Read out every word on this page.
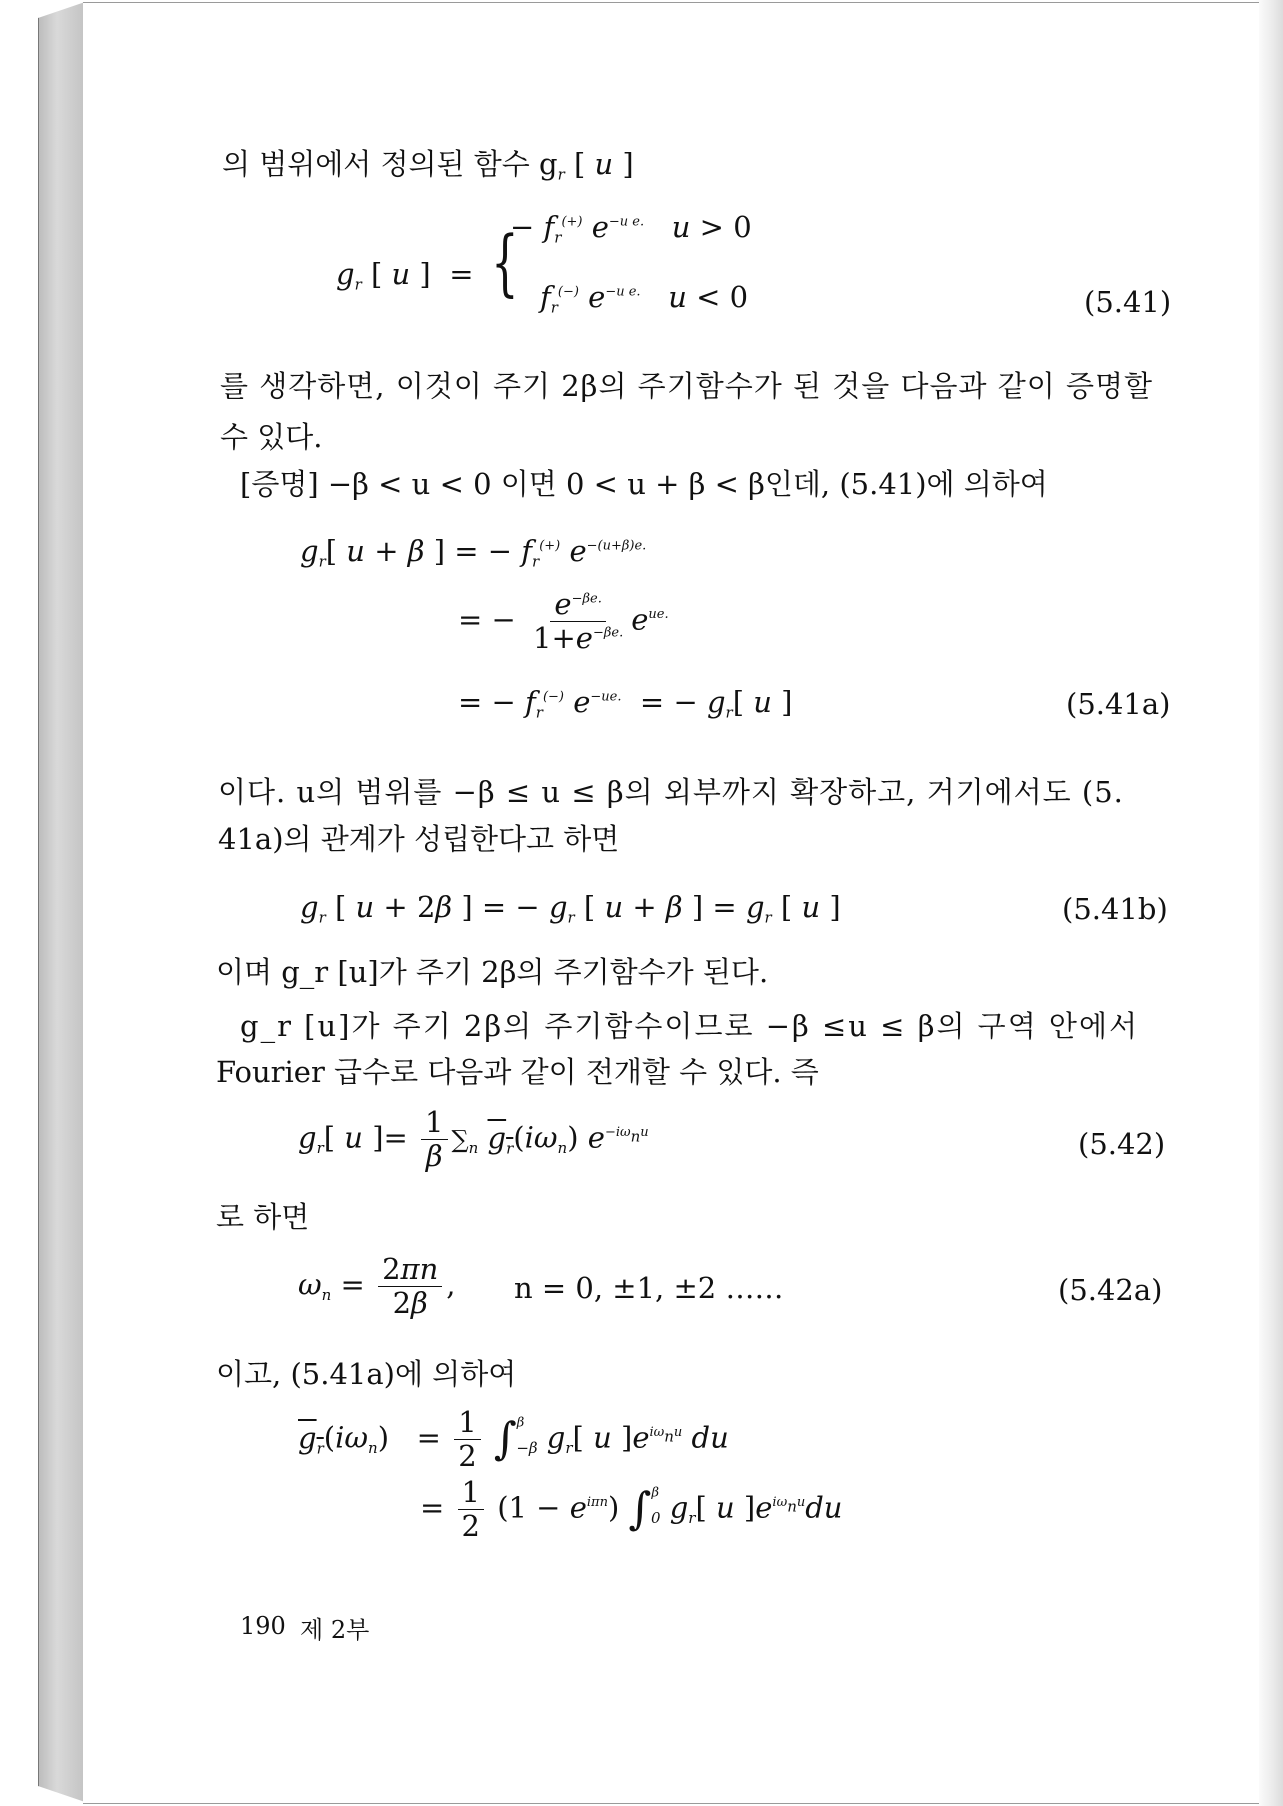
의 범위에서 정의된 함수 $g_r$ [ u ]
$g_r$ [ u ] = {
− $f_r^{(+)}$ $e^{-u e.}$   u > 0
$f_r^{(-)}$ $e^{-u e.}$   u < 0	(5.41)
를 생각하면, 이것이 주기 2β의 주기함수가 된 것을 다음과 같이 증명할
수 있다.
[증명] −β < u < 0 이면 0 < u + β < β인데, (5.41)에 의하여
$g_r$[ u + β ] = − $f_r^{(+)}$ $e^{-(u+\beta)e.}$
= − $\frac{e^{-\beta e.}}{1+e^{-\beta e.}} e^{ue.}$
= − $f_r^{(-)}$ $e^{-ue.}$  = − $g_r$[ u ]	(5.41a)
이다. u의 범위를 −β ≤ u ≤ β의 외부까지 확장하고, 거기에서도 (5.
41a)의 관계가 성립한다고 하면
$g_r$ [ u + 2β ] = − $g_r$ [ u + β ] = $g_r$ [ u ]	(5.41b)
이며 g_r [u]가 주기 2β의 주기함수가 된다.
g_r [u]가 주기 2β의 주기함수이므로 −β ≤u ≤ β의 구역 안에서
Fourier 급수로 다음과 같이 전개할 수 있다. 즉
$g_r$[ u ]= $\frac{1}{\beta} \sum_n$ $g_r(i\omega_n)$ $e^{-i\omega_nu}$	(5.42)
로 하면
$\omega_n = \frac{2\pi n}{2\beta}$ , n = 0, ±1, ±2 ……	(5.42a)
이고, (5.41a)에 의하여
$g_r(i\omega_n) = \frac{1}{2} \int^\beta_{-\beta}$ $g_r$[ u ]$e^{i\omega_nu}$ du
= $\frac{1}{2} (1 - e^{i\pi n})$ ∫$^\beta_0$ $g_r$[ u ]$e^{i\omega_nu}du$
190 제 2부
